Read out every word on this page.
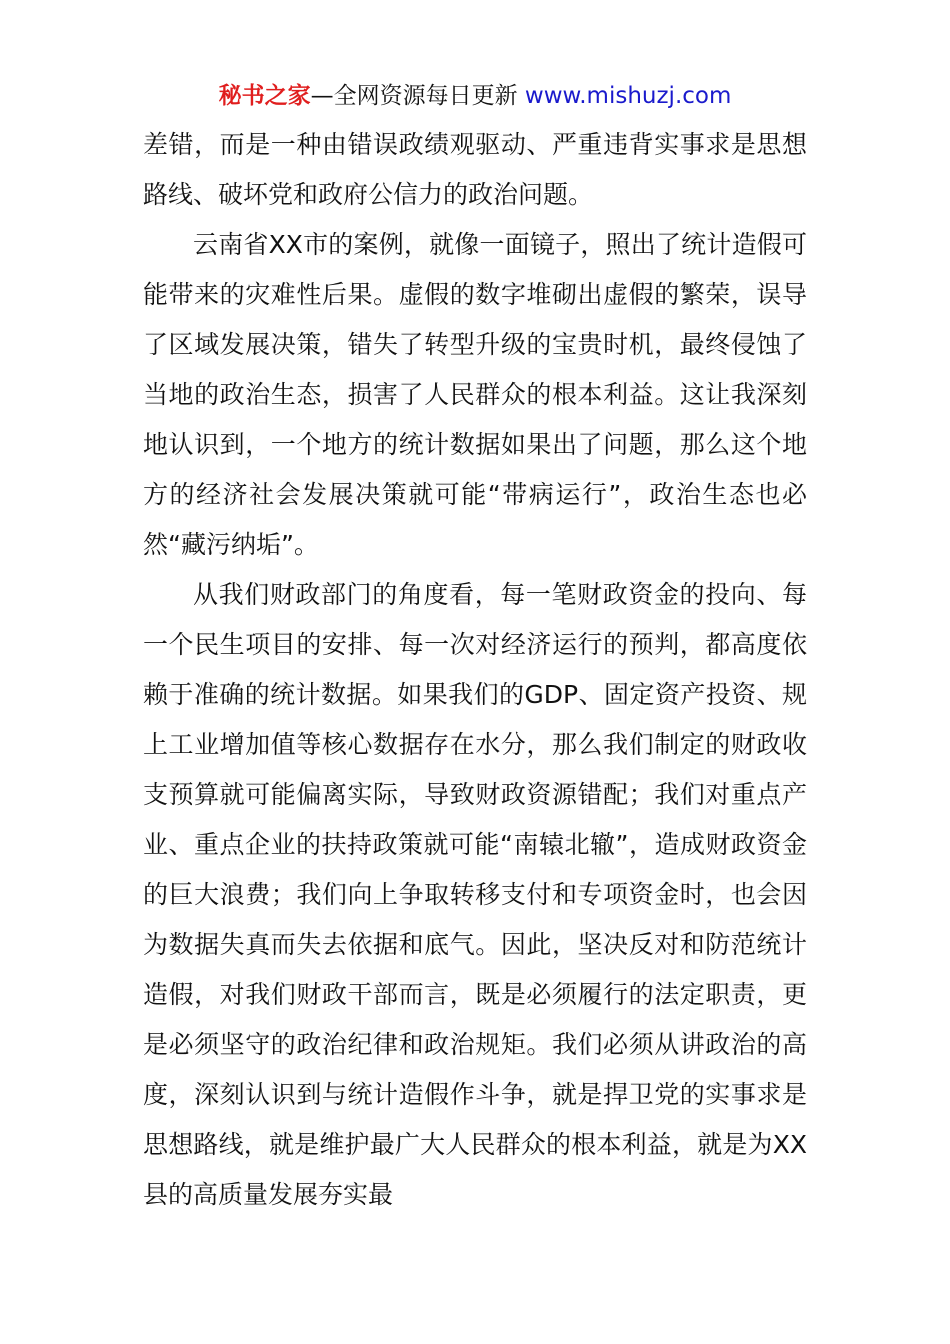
秘书之家—全网资源每日更新 www.mishuzj.com

差错，而是一种由错误政绩观驱动、严重违背实事求是思想路线、破坏党和政府公信力的政治问题。

云南省XX市的案例，就像一面镜子，照出了统计造假可能带来的灾难性后果。虚假的数字堆砌出虚假的繁荣，误导了区域发展决策，错失了转型升级的宝贵时机，最终侵蚀了当地的政治生态，损害了人民群众的根本利益。这让我深刻地认识到，一个地方的统计数据如果出了问题，那么这个地方的经济社会发展决策就可能“带病运行”，政治生态也必然“藏污纳垢”。

从我们财政部门的角度看，每一笔财政资金的投向、每一个民生项目的安排、每一次对经济运行的预判，都高度依赖于准确的统计数据。如果我们的GDP、固定资产投资、规上工业增加值等核心数据存在水分，那么我们制定的财政收支预算就可能偏离实际，导致财政资源错配；我们对重点产业、重点企业的扶持政策就可能“南辕北辙”，造成财政资金的巨大浪费；我们向上争取转移支付和专项资金时，也会因为数据失真而失去依据和底气。因此，坚决反对和防范统计造假，对我们财政干部而言，既是必须履行的法定职责，更是必须坚守的政治纪律和政治规矩。我们必须从讲政治的高度，深刻认识到与统计造假作斗争，就是捍卫党的实事求是思想路线，就是维护最广大人民群众的根本利益，就是为XX县的高质量发展夯实最
